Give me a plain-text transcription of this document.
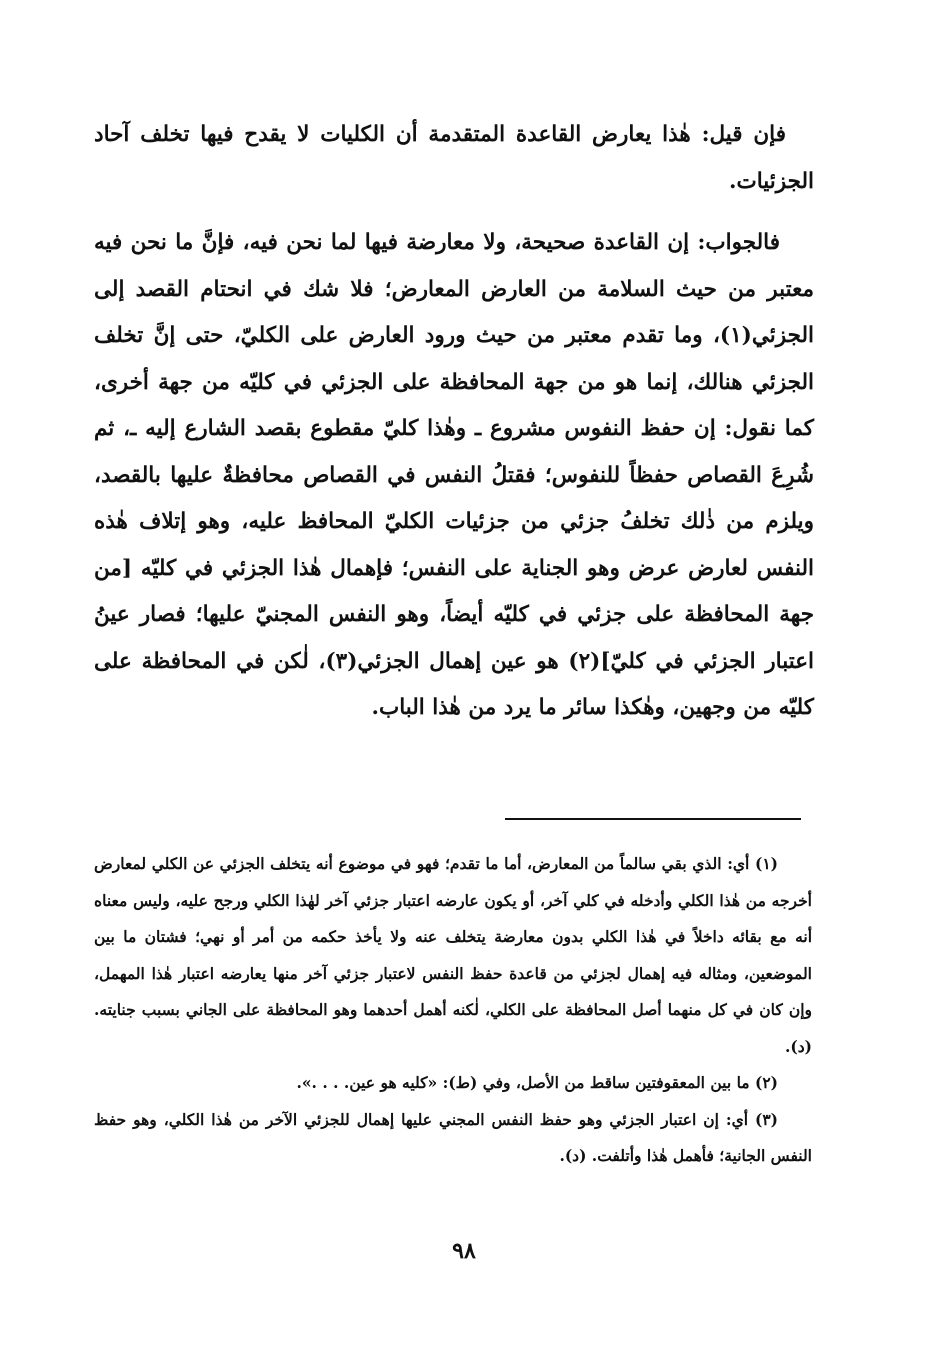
فإن قيل: هٰذا يعارض القاعدة المتقدمة أن الكليات لا يقدح فيها تخلف آحاد الجزئيات.

فالجواب: إن القاعدة صحيحة، ولا معارضة فيها لما نحن فيه، فإنَّ ما نحن فيه معتبر من حيث السلامة من العارض المعارض؛ فلا شك في انحتام القصد إلى الجزئي(١)، وما تقدم معتبر من حيث ورود العارض على الكليّ، حتى إنَّ تخلف الجزئي هنالك، إنما هو من جهة المحافظة على الجزئي في كليّه من جهة أخرى، كما نقول: إن حفظ النفوس مشروع ـ وهٰذا كليّ مقطوع بقصد الشارع إليه ـ، ثم شُرِعَ القصاص حفظاً للنفوس؛ فقتلُ النفس في القصاص محافظةٌ عليها بالقصد، ويلزم من ذٰلك تخلفُ جزئي من جزئيات الكليّ المحافظ عليه، وهو إتلاف هٰذه النفس لعارض عرض وهو الجناية على النفس؛ فإهمال هٰذا الجزئي في كليّه [من جهة المحافظة على جزئي في كليّه أيضاً، وهو النفس المجنيّ عليها؛ فصار عينُ اعتبار الجزئي في كليّ](٢) هو عين إهمال الجزئي(٣)، لٰكن في المحافظة على كليّه من وجهين، وهٰكذا سائر ما يرد من هٰذا الباب.

(١) أي: الذي بقي سالماً من المعارض، أما ما تقدم؛ فهو في موضوع أنه يتخلف الجزئي عن الكلي لمعارض أخرجه من هٰذا الكلي وأدخله في كلي آخر، أو يكون عارضه اعتبار جزئي آخر لهٰذا الكلي ورجح عليه، وليس معناه أنه مع بقائه داخلاً في هٰذا الكلي بدون معارضة يتخلف عنه ولا يأخذ حكمه من أمر أو نهي؛ فشتان ما بين الموضعين، ومثاله فيه إهمال لجزئي من قاعدة حفظ النفس لاعتبار جزئي آخر منها يعارضه اعتبار هٰذا المهمل، وإن كان في كل منهما أصل المحافظة على الكلي، لٰكنه أهمل أحدهما وهو المحافظة على الجاني بسبب جنايته. (د).

(٢) ما بين المعقوفتين ساقط من الأصل، وفي (ط): «كليه هو عين. . . .».

(٣) أي: إن اعتبار الجزئي وهو حفظ النفس المجني عليها إهمال للجزئي الآخر من هٰذا الكلي، وهو حفظ النفس الجانية؛ فأهمل هٰذا وأتلفت. (د).

٩٨
